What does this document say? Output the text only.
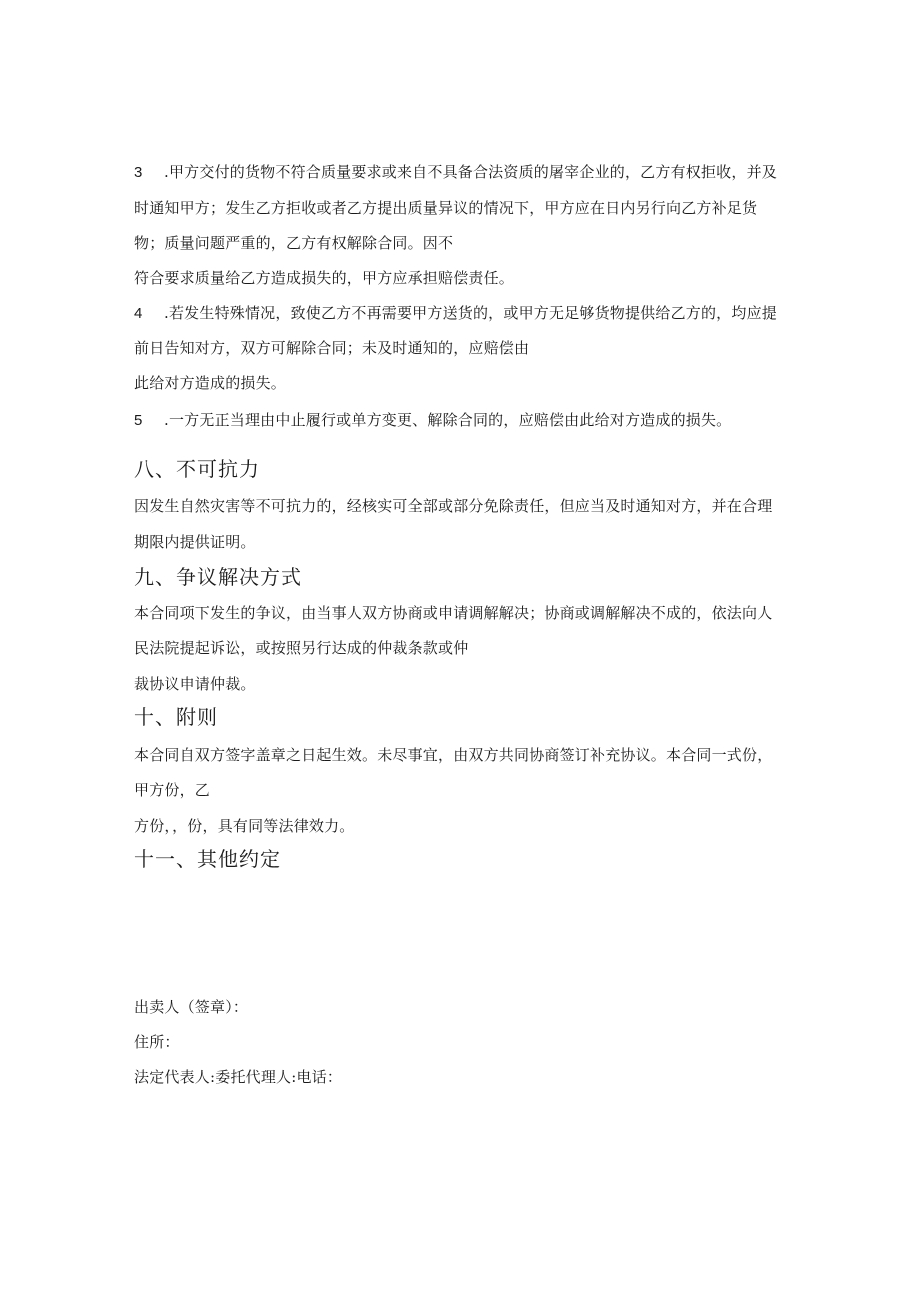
3 .甲方交付的货物不符合质量要求或来自不具备合法资质的屠宰企业的，乙方有权拒收，并及
时通知甲方；发生乙方拒收或者乙方提出质量异议的情况下，甲方应在日内另行向乙方补足货
物；质量问题严重的，乙方有权解除合同。因不
符合要求质量给乙方造成损失的，甲方应承担赔偿责任。
4 .若发生特殊情况，致使乙方不再需要甲方送货的，或甲方无足够货物提供给乙方的，均应提
前日告知对方，双方可解除合同；未及时通知的，应赔偿由
此给对方造成的损失。
5 .一方无正当理由中止履行或单方变更、解除合同的，应赔偿由此给对方造成的损失。
八、不可抗力
因发生自然灾害等不可抗力的，经核实可全部或部分免除责任，但应当及时通知对方，并在合理
期限内提供证明。
九、争议解决方式
本合同项下发生的争议，由当事人双方协商或申请调解解决；协商或调解解决不成的，依法向人
民法院提起诉讼，或按照另行达成的仲裁条款或仲
裁协议申请仲裁。
十、附则
本合同自双方签字盖章之日起生效。未尽事宜，由双方共同协商签订补充协议。本合同一式份，
甲方份，乙
方份，，份，具有同等法律效力。
十一、其他约定
出卖人（签章）：
住所：
法定代表人:委托代理人:电话：
